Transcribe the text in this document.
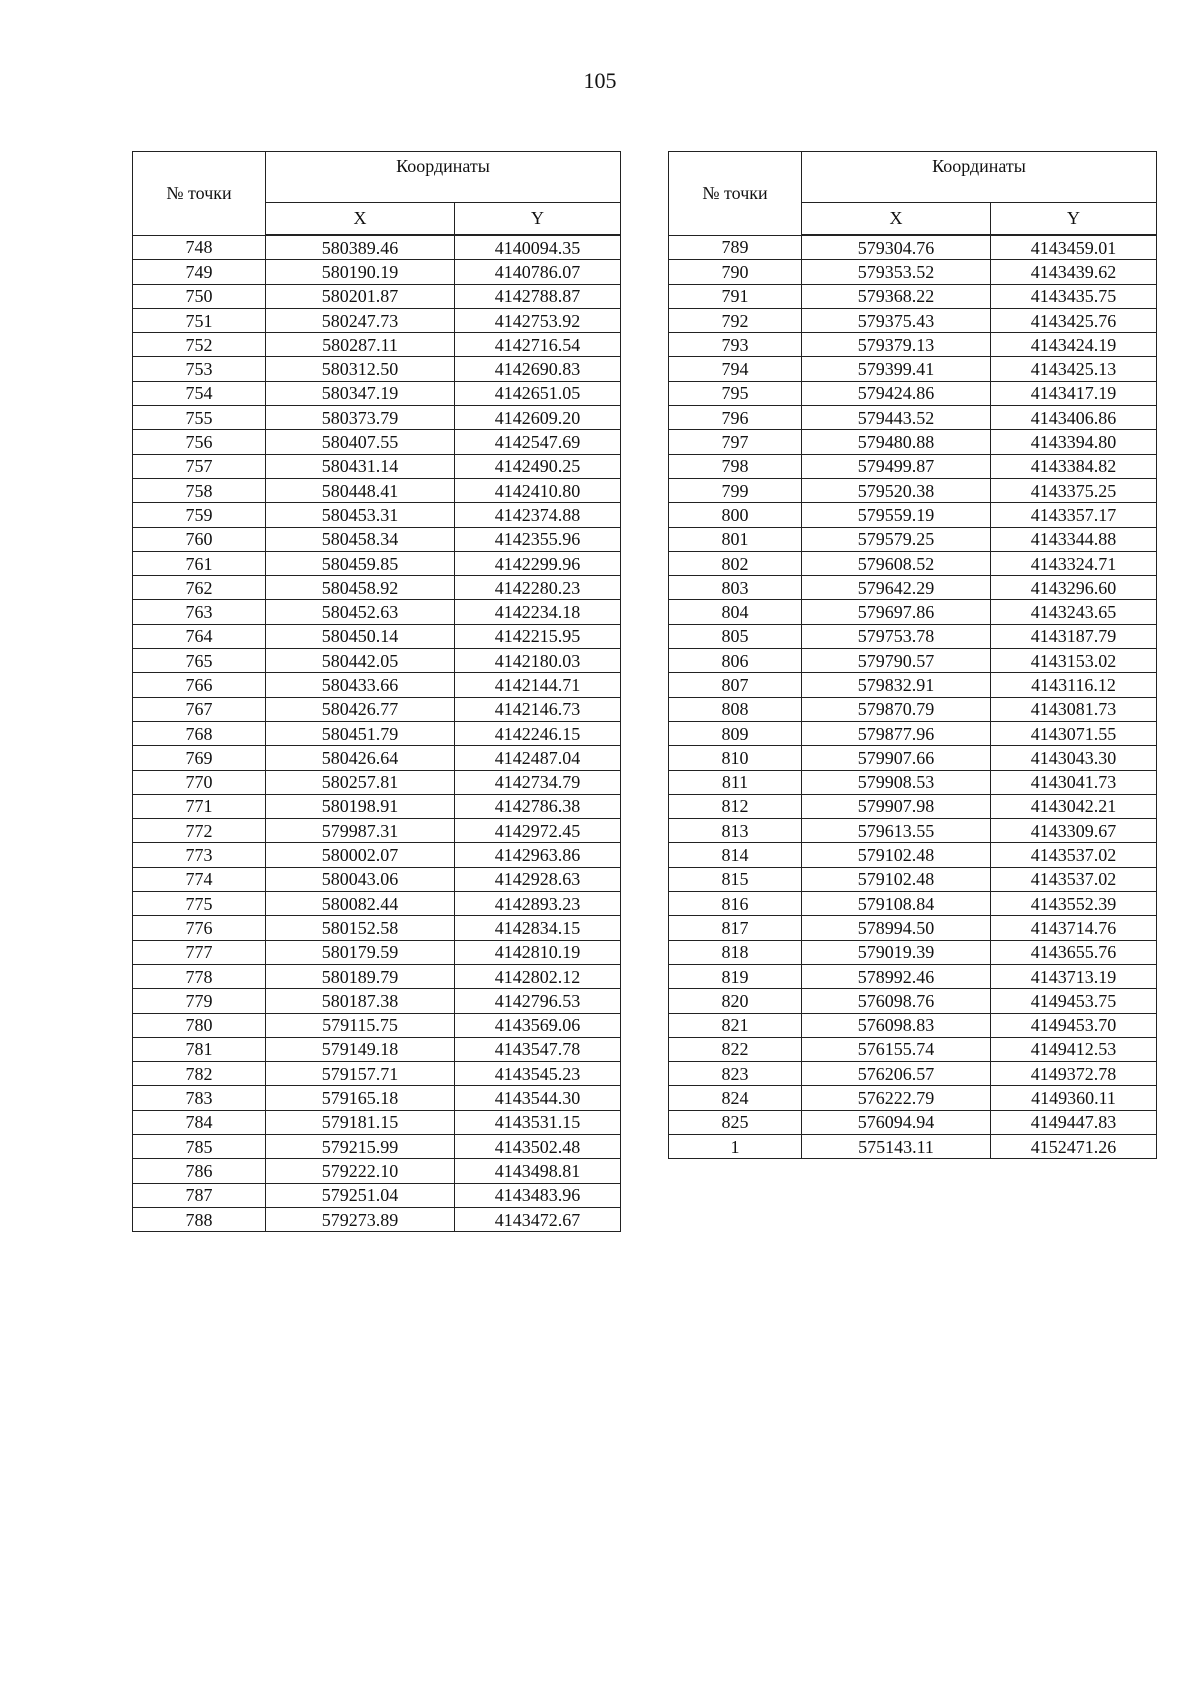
105
№ точки	Координаты	
	X	Y
748	580389.46	4140094.35
749	580190.19	4140786.07
750	580201.87	4142788.87
751	580247.73	4142753.92
752	580287.11	4142716.54
753	580312.50	4142690.83
754	580347.19	4142651.05
755	580373.79	4142609.20
756	580407.55	4142547.69
757	580431.14	4142490.25
758	580448.41	4142410.80
759	580453.31	4142374.88
760	580458.34	4142355.96
761	580459.85	4142299.96
762	580458.92	4142280.23
763	580452.63	4142234.18
764	580450.14	4142215.95
765	580442.05	4142180.03
766	580433.66	4142144.71
767	580426.77	4142146.73
768	580451.79	4142246.15
769	580426.64	4142487.04
770	580257.81	4142734.79
771	580198.91	4142786.38
772	579987.31	4142972.45
773	580002.07	4142963.86
774	580043.06	4142928.63
775	580082.44	4142893.23
776	580152.58	4142834.15
777	580179.59	4142810.19
778	580189.79	4142802.12
779	580187.38	4142796.53
780	579115.75	4143569.06
781	579149.18	4143547.78
782	579157.71	4143545.23
783	579165.18	4143544.30
784	579181.15	4143531.15
785	579215.99	4143502.48
786	579222.10	4143498.81
787	579251.04	4143483.96
788	579273.89	4143472.67
№ точки	Координаты	
	X	Y
789	579304.76	4143459.01
790	579353.52	4143439.62
791	579368.22	4143435.75
792	579375.43	4143425.76
793	579379.13	4143424.19
794	579399.41	4143425.13
795	579424.86	4143417.19
796	579443.52	4143406.86
797	579480.88	4143394.80
798	579499.87	4143384.82
799	579520.38	4143375.25
800	579559.19	4143357.17
801	579579.25	4143344.88
802	579608.52	4143324.71
803	579642.29	4143296.60
804	579697.86	4143243.65
805	579753.78	4143187.79
806	579790.57	4143153.02
807	579832.91	4143116.12
808	579870.79	4143081.73
809	579877.96	4143071.55
810	579907.66	4143043.30
811	579908.53	4143041.73
812	579907.98	4143042.21
813	579613.55	4143309.67
814	579102.48	4143537.02
815	579102.48	4143537.02
816	579108.84	4143552.39
817	578994.50	4143714.76
818	579019.39	4143655.76
819	578992.46	4143713.19
820	576098.76	4149453.75
821	576098.83	4149453.70
822	576155.74	4149412.53
823	576206.57	4149372.78
824	576222.79	4149360.11
825	576094.94	4149447.83
1	575143.11	4152471.26
